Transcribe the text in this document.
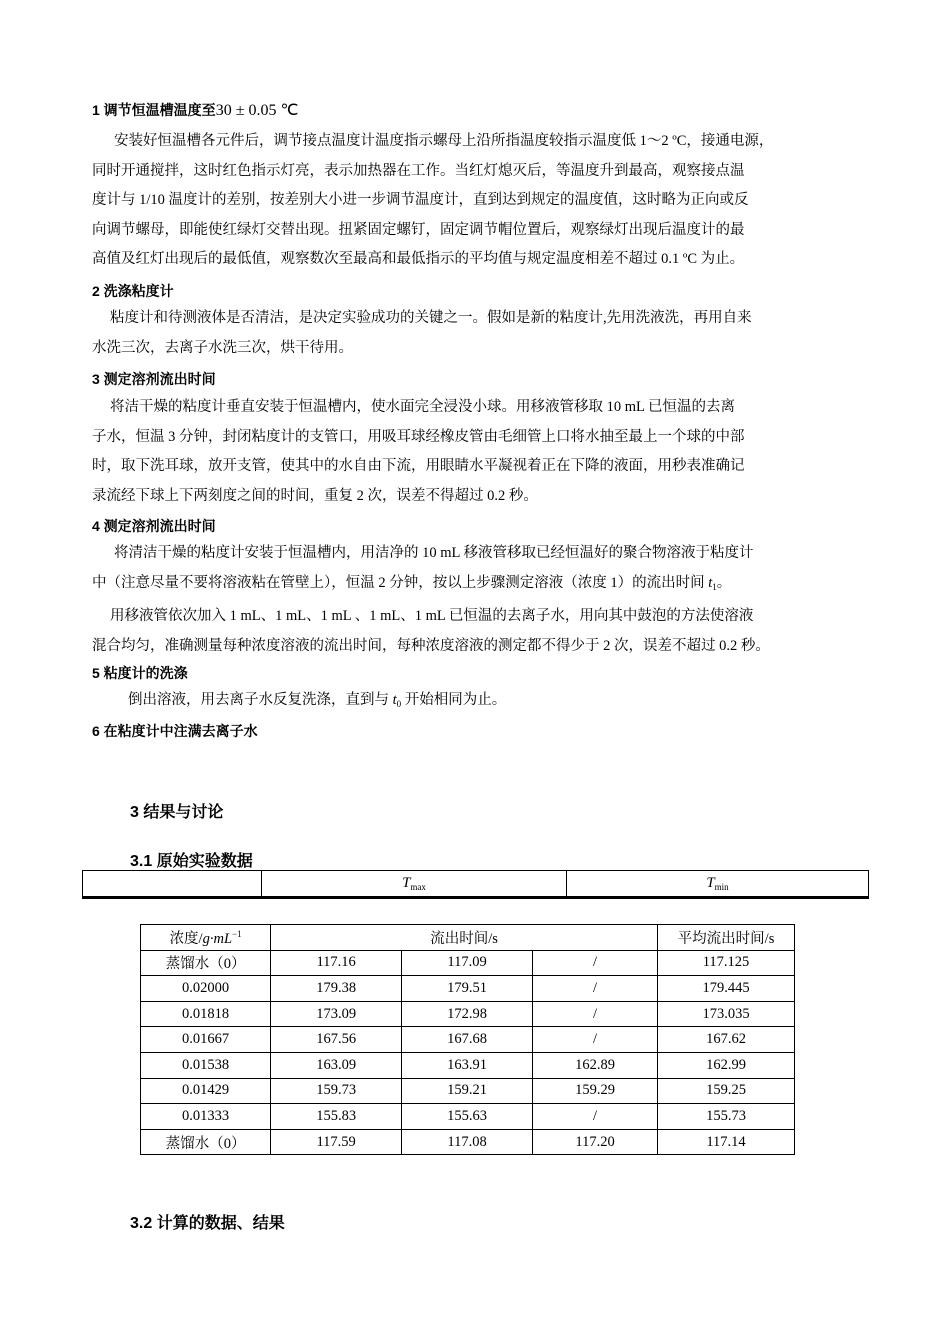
1 调节恒温槽温度至30 ± 0.05 ℃
安装好恒温槽各元件后，调节接点温度计温度指示螺母上沿所指温度较指示温度低 1～2 ºC，接通电源，
同时开通搅拌，这时红色指示灯亮，表示加热器在工作。当红灯熄灭后，等温度升到最高，观察接点温
度计与 1/10 温度计的差别，按差别大小进一步调节温度计，直到达到规定的温度值，这时略为正向或反
向调节螺母，即能使红绿灯交替出现。扭紧固定螺钉，固定调节帽位置后，观察绿灯出现后温度计的最
高值及红灯出现后的最低值，观察数次至最高和最低指示的平均值与规定温度相差不超过 0.1 ºC 为止。
2 洗涤粘度计
粘度计和待测液体是否清洁，是决定实验成功的关键之一。假如是新的粘度计,先用洗液洗，再用自来
水洗三次，去离子水洗三次，烘干待用。
3 测定溶剂流出时间
将洁干燥的粘度计垂直安装于恒温槽内，使水面完全浸没小球。用移液管移取 10 mL 已恒温的去离
子水，恒温 3 分钟，封闭粘度计的支管口，用吸耳球经橡皮管由毛细管上口将水抽至最上一个球的中部
时，取下洗耳球，放开支管，使其中的水自由下流，用眼睛水平凝视着正在下降的液面，用秒表准确记
录流经下球上下两刻度之间的时间，重复 2 次，误差不得超过 0.2 秒。
4 测定溶剂流出时间
将清洁干燥的粘度计安装于恒温槽内，用洁净的 10 mL 移液管移取已经恒温好的聚合物溶液于粘度计
中（注意尽量不要将溶液粘在管壁上），恒温 2 分钟，按以上步骤测定溶液（浓度 1）的流出时间 $t_1$。
用移液管依次加入 1 mL、1 mL、1 mL 、1 mL、1 mL 已恒温的去离子水，用向其中鼓泡的方法使溶液
混合均匀，准确测量每种浓度溶液的流出时间，每种浓度溶液的测定都不得少于 2 次，误差不超过 0.2 秒。
5 粘度计的洗涤
倒出溶液，用去离子水反复洗涤，直到与 $t_0$ 开始相同为止。
6 在粘度计中注满去离子水
3 结果与讨论
3.1 原始实验数据
	$T_{max}$	$T_{min}$
浓度$/g\cdot mL^{-1}$	流出时间/s			平均流出时间/s
蒸馏水（0）	117.16	117.09	/	117.125
0.02000	179.38	179.51	/	179.445
0.01818	173.09	172.98	/	173.035
0.01667	167.56	167.68	/	167.62
0.01538	163.09	163.91	162.89	162.99
0.01429	159.73	159.21	159.29	159.25
0.01333	155.83	155.63	/	155.73
蒸馏水（0）	117.59	117.08	117.20	117.14
3.2 计算的数据、结果
